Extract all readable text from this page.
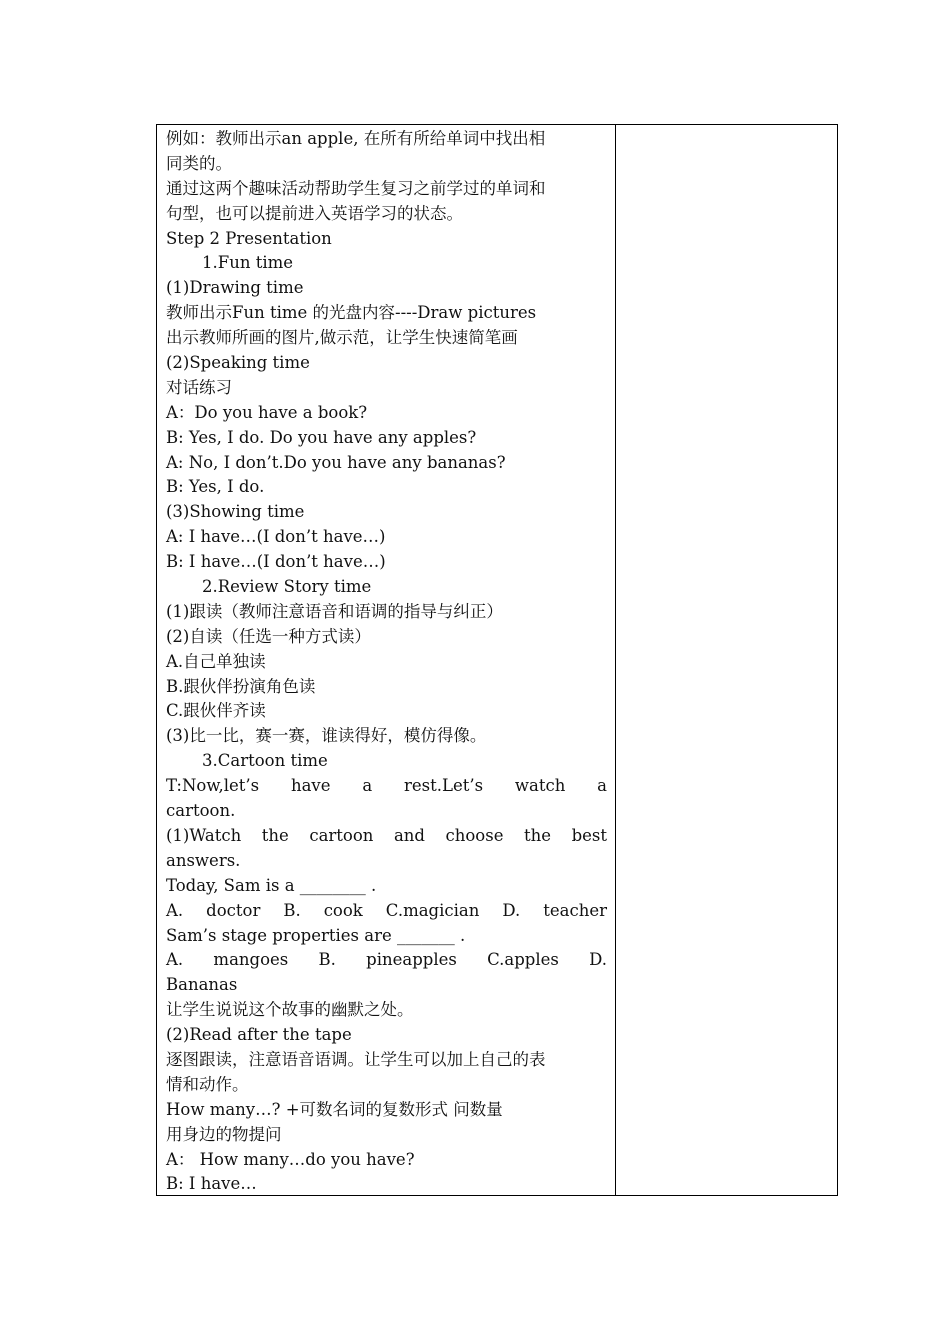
例如：教师出示an apple, 在所有所给单词中找出相
同类的。
通过这两个趣味活动帮助学生复习之前学过的单词和
句型，也可以提前进入英语学习的状态。
Step 2 Presentation
1.Fun time
(1)Drawing time
教师出示Fun time 的光盘内容----Draw pictures
出示教师所画的图片,做示范，让学生快速简笔画
(2)Speaking time
对话练习
A：Do you have a book?
B: Yes, I do. Do you have any apples?
A: No, I don’t.Do you have any bananas?
B: Yes, I do.
(3)Showing time
A: I have…(I don’t have…)
B: I have…(I don’t have…)
2.Review Story time
(1)跟读（教师注意语音和语调的指导与纠正）
(2)自读（任选一种方式读）
A.自己单独读
B.跟伙伴扮演角色读
C.跟伙伴齐读
(3)比一比，赛一赛，谁读得好，模仿得像。
3.Cartoon time
T:Now,let’s have a rest.Let’s watch a
cartoon.
(1)Watch the cartoon and choose the best
answers.
Today, Sam is a ________ .
A. doctor B. cook C.magician D. teacher
Sam’s stage properties are _______ .
A. mangoes B. pineapples C.apples D.
Bananas
让学生说说这个故事的幽默之处。
(2)Read after the tape
逐图跟读，注意语音语调。让学生可以加上自己的表
情和动作。
How many…? +可数名词的复数形式 问数量
用身边的物提问
A： How many…do you have?
B: I have…
